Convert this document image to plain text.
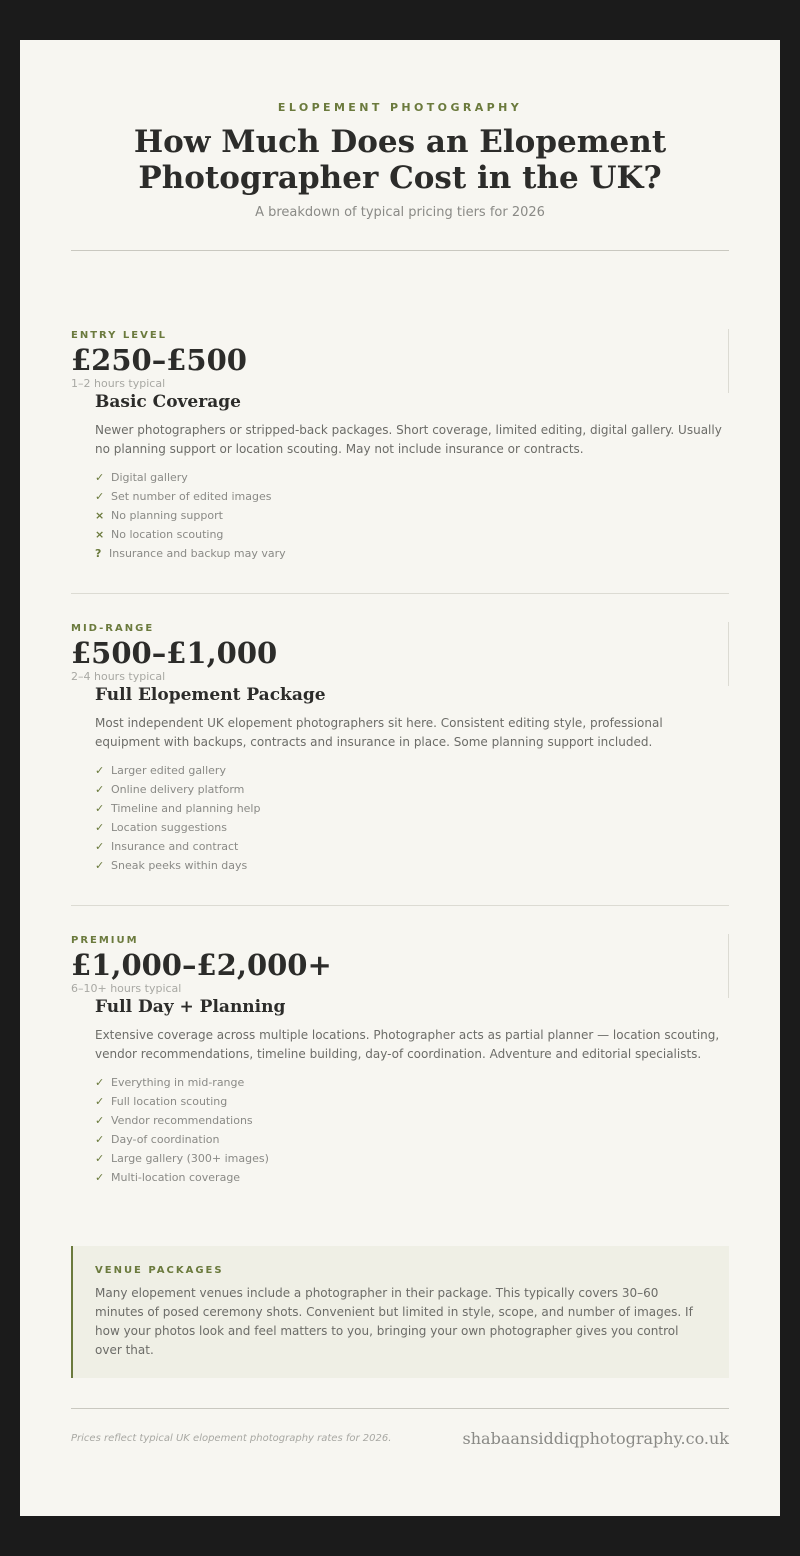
ELOPEMENT PHOTOGRAPHY
How Much Does an Elopement
Photographer Cost in the UK?
A breakdown of typical pricing tiers for 2026
ENTRY LEVEL
£250–£500
1–2 hours typical
Basic Coverage

Newer photographers or stripped-back packages. Short coverage, limited editing, digital gallery. Usually no planning support or location scouting. May not include insurance or contracts.

✓ Digital gallery
✓ Set number of edited images
× No planning support
× No location scouting
? Insurance and backup may vary
MID-RANGE
£500–£1,000
2–4 hours typical
Full Elopement Package

Most independent UK elopement photographers sit here. Consistent editing style, professional equipment with backups, contracts and insurance in place. Some planning support included.

✓ Larger edited gallery
✓ Online delivery platform
✓ Timeline and planning help
✓ Location suggestions
✓ Insurance and contract
✓ Sneak peeks within days
PREMIUM
£1,000–£2,000+
6–10+ hours typical
Full Day + Planning

Extensive coverage across multiple locations. Photographer acts as partial planner — location scouting, vendor recommendations, timeline building, day-of coordination. Adventure and editorial specialists.

✓ Everything in mid-range
✓ Full location scouting
✓ Vendor recommendations
✓ Day-of coordination
✓ Large gallery (300+ images)
✓ Multi-location coverage
VENUE PACKAGES

Many elopement venues include a photographer in their package. This typically covers 30–60 minutes of posed ceremony shots. Convenient but limited in style, scope, and number of images. If how your photos look and feel matters to you, bringing your own photographer gives you control over that.

Prices reflect typical UK elopement photography rates for 2026.	shabaansiddiqphotography.co.uk
